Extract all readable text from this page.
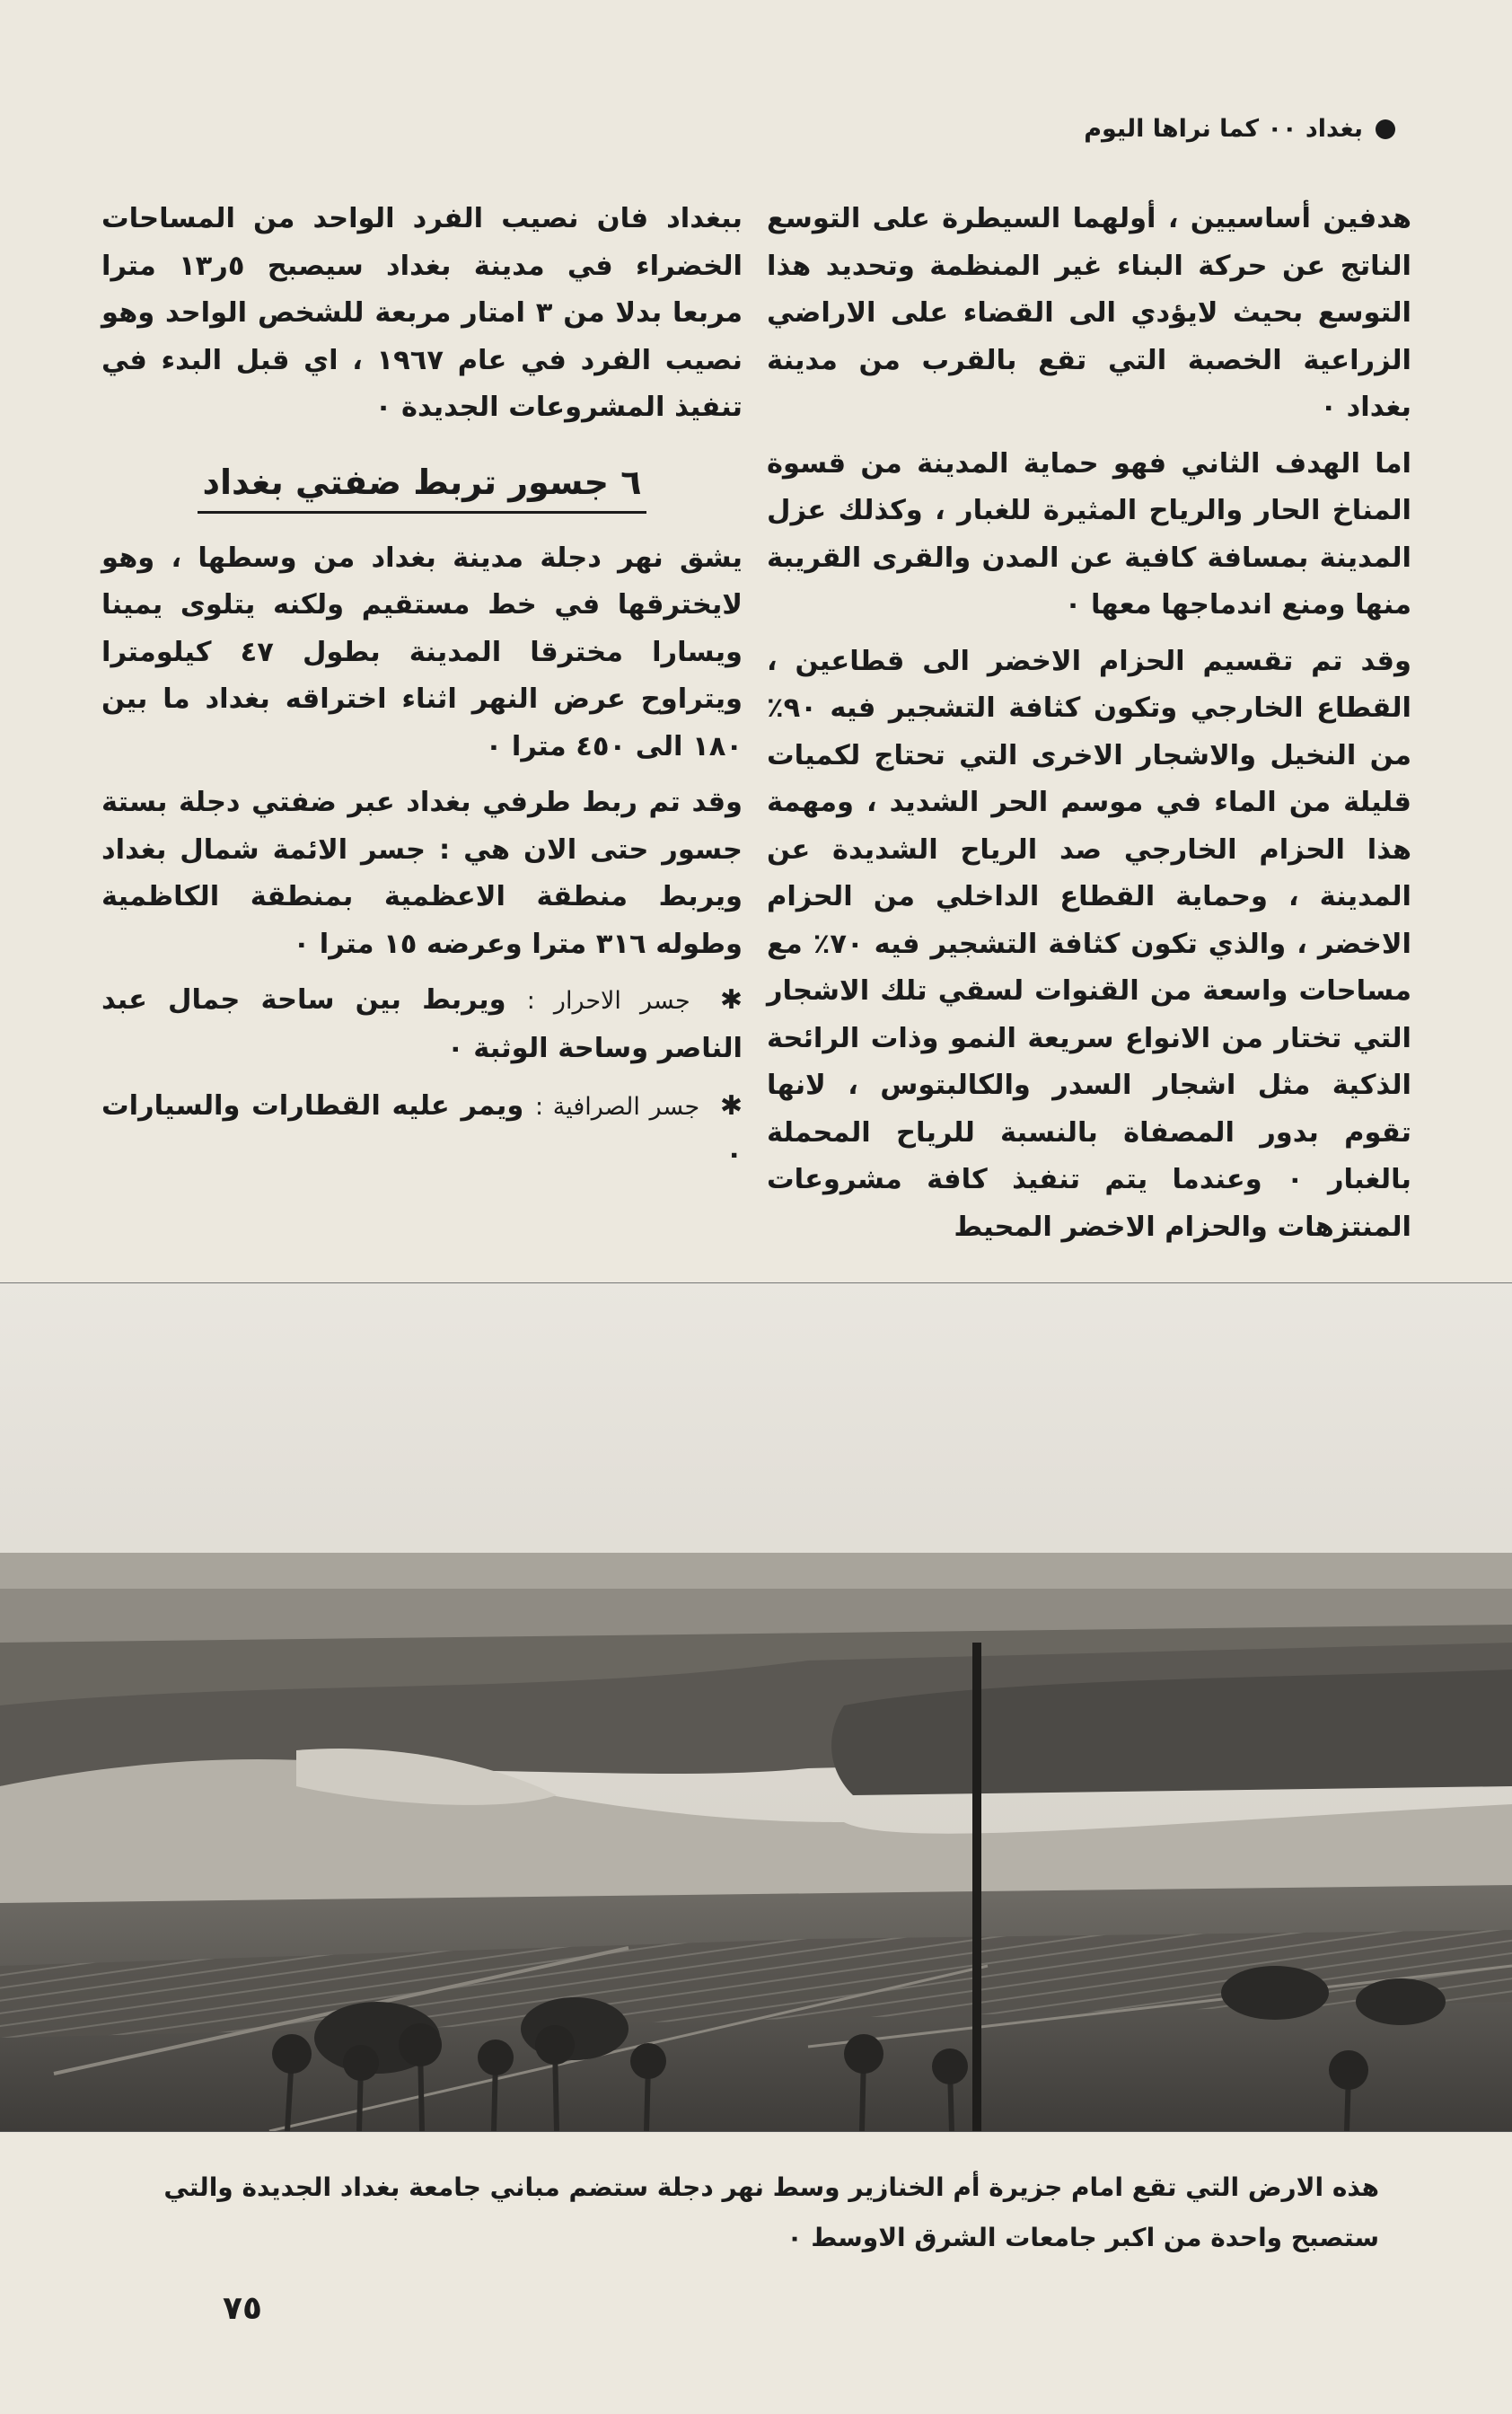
بغداد ٠٠ كما نراها اليوم

هدفين أساسيين ، أولهما السيطرة على التوسع الناتج عن حركة البناء غير المنظمة وتحديد هذا التوسع بحيث لايؤدي الى القضاء على الاراضي الزراعية الخصبة التي تقع بالقرب من مدينة بغداد ٠

اما الهدف الثاني فهو حماية المدينة من قسوة المناخ الحار والرياح المثيرة للغبار ، وكذلك عزل المدينة بمسافة كافية عن المدن والقرى القريبة منها ومنع اندماجها معها ٠

وقد تم تقسيم الحزام الاخضر الى قطاعين ، القطاع الخارجي وتكون كثافة التشجير فيه ٩٠٪ من النخيل والاشجار الاخرى التي تحتاج لكميات قليلة من الماء في موسم الحر الشديد ، ومهمة هذا الحزام الخارجي صد الرياح الشديدة عن المدينة ، وحماية القطاع الداخلي من الحزام الاخضر ، والذي تكون كثافة التشجير فيه ٧٠٪ مع مساحات واسعة من القنوات لسقي تلك الاشجار التي تختار من الانواع سريعة النمو وذات الرائحة الذكية مثل اشجار السدر والكالبتوس ، لانها تقوم بدور المصفاة بالنسبة للرياح المحملة بالغبار ٠ وعندما يتم تنفيذ كافة مشروعات المنتزهات والحزام الاخضر المحيط

ببغداد فان نصيب الفرد الواحد من المساحات الخضراء في مدينة بغداد سيصبح ٥ر١٣ مترا مربعا بدلا من ٣ امتار مربعة للشخص الواحد وهو نصيب الفرد في عام ١٩٦٧ ، اي قبل البدء في تنفيذ المشروعات الجديدة ٠

٦ جسور تربط ضفتي بغداد

يشق نهر دجلة مدينة بغداد من وسطها ، وهو لايخترقها في خط مستقيم ولكنه يتلوى يمينا ويسارا مخترقا المدينة بطول ٤٧ كيلومترا ويتراوح عرض النهر اثناء اختراقه بغداد ما بين ١٨٠ الى ٤٥٠ مترا ٠

وقد تم ربط طرفي بغداد عبر ضفتي دجلة بستة جسور حتى الان هي : جسر الائمة شمال بغداد ويربط منطقة الاعظمية بمنطقة الكاظمية وطوله ٣١٦ مترا وعرضه ١٥ مترا ٠

✱ جسر الاحرار : ويربط بين ساحة جمال عبد الناصر وساحة الوثبة ٠

✱ جسر الصرافية : ويمر عليه القطارات والسيارات ٠

هذه الارض التي تقع امام جزيرة أم الخنازير وسط نهر دجلة ستضم مباني جامعة بغداد الجديدة والتي
ستصبح واحدة من اكبر جامعات الشرق الاوسط ٠
٧٥
